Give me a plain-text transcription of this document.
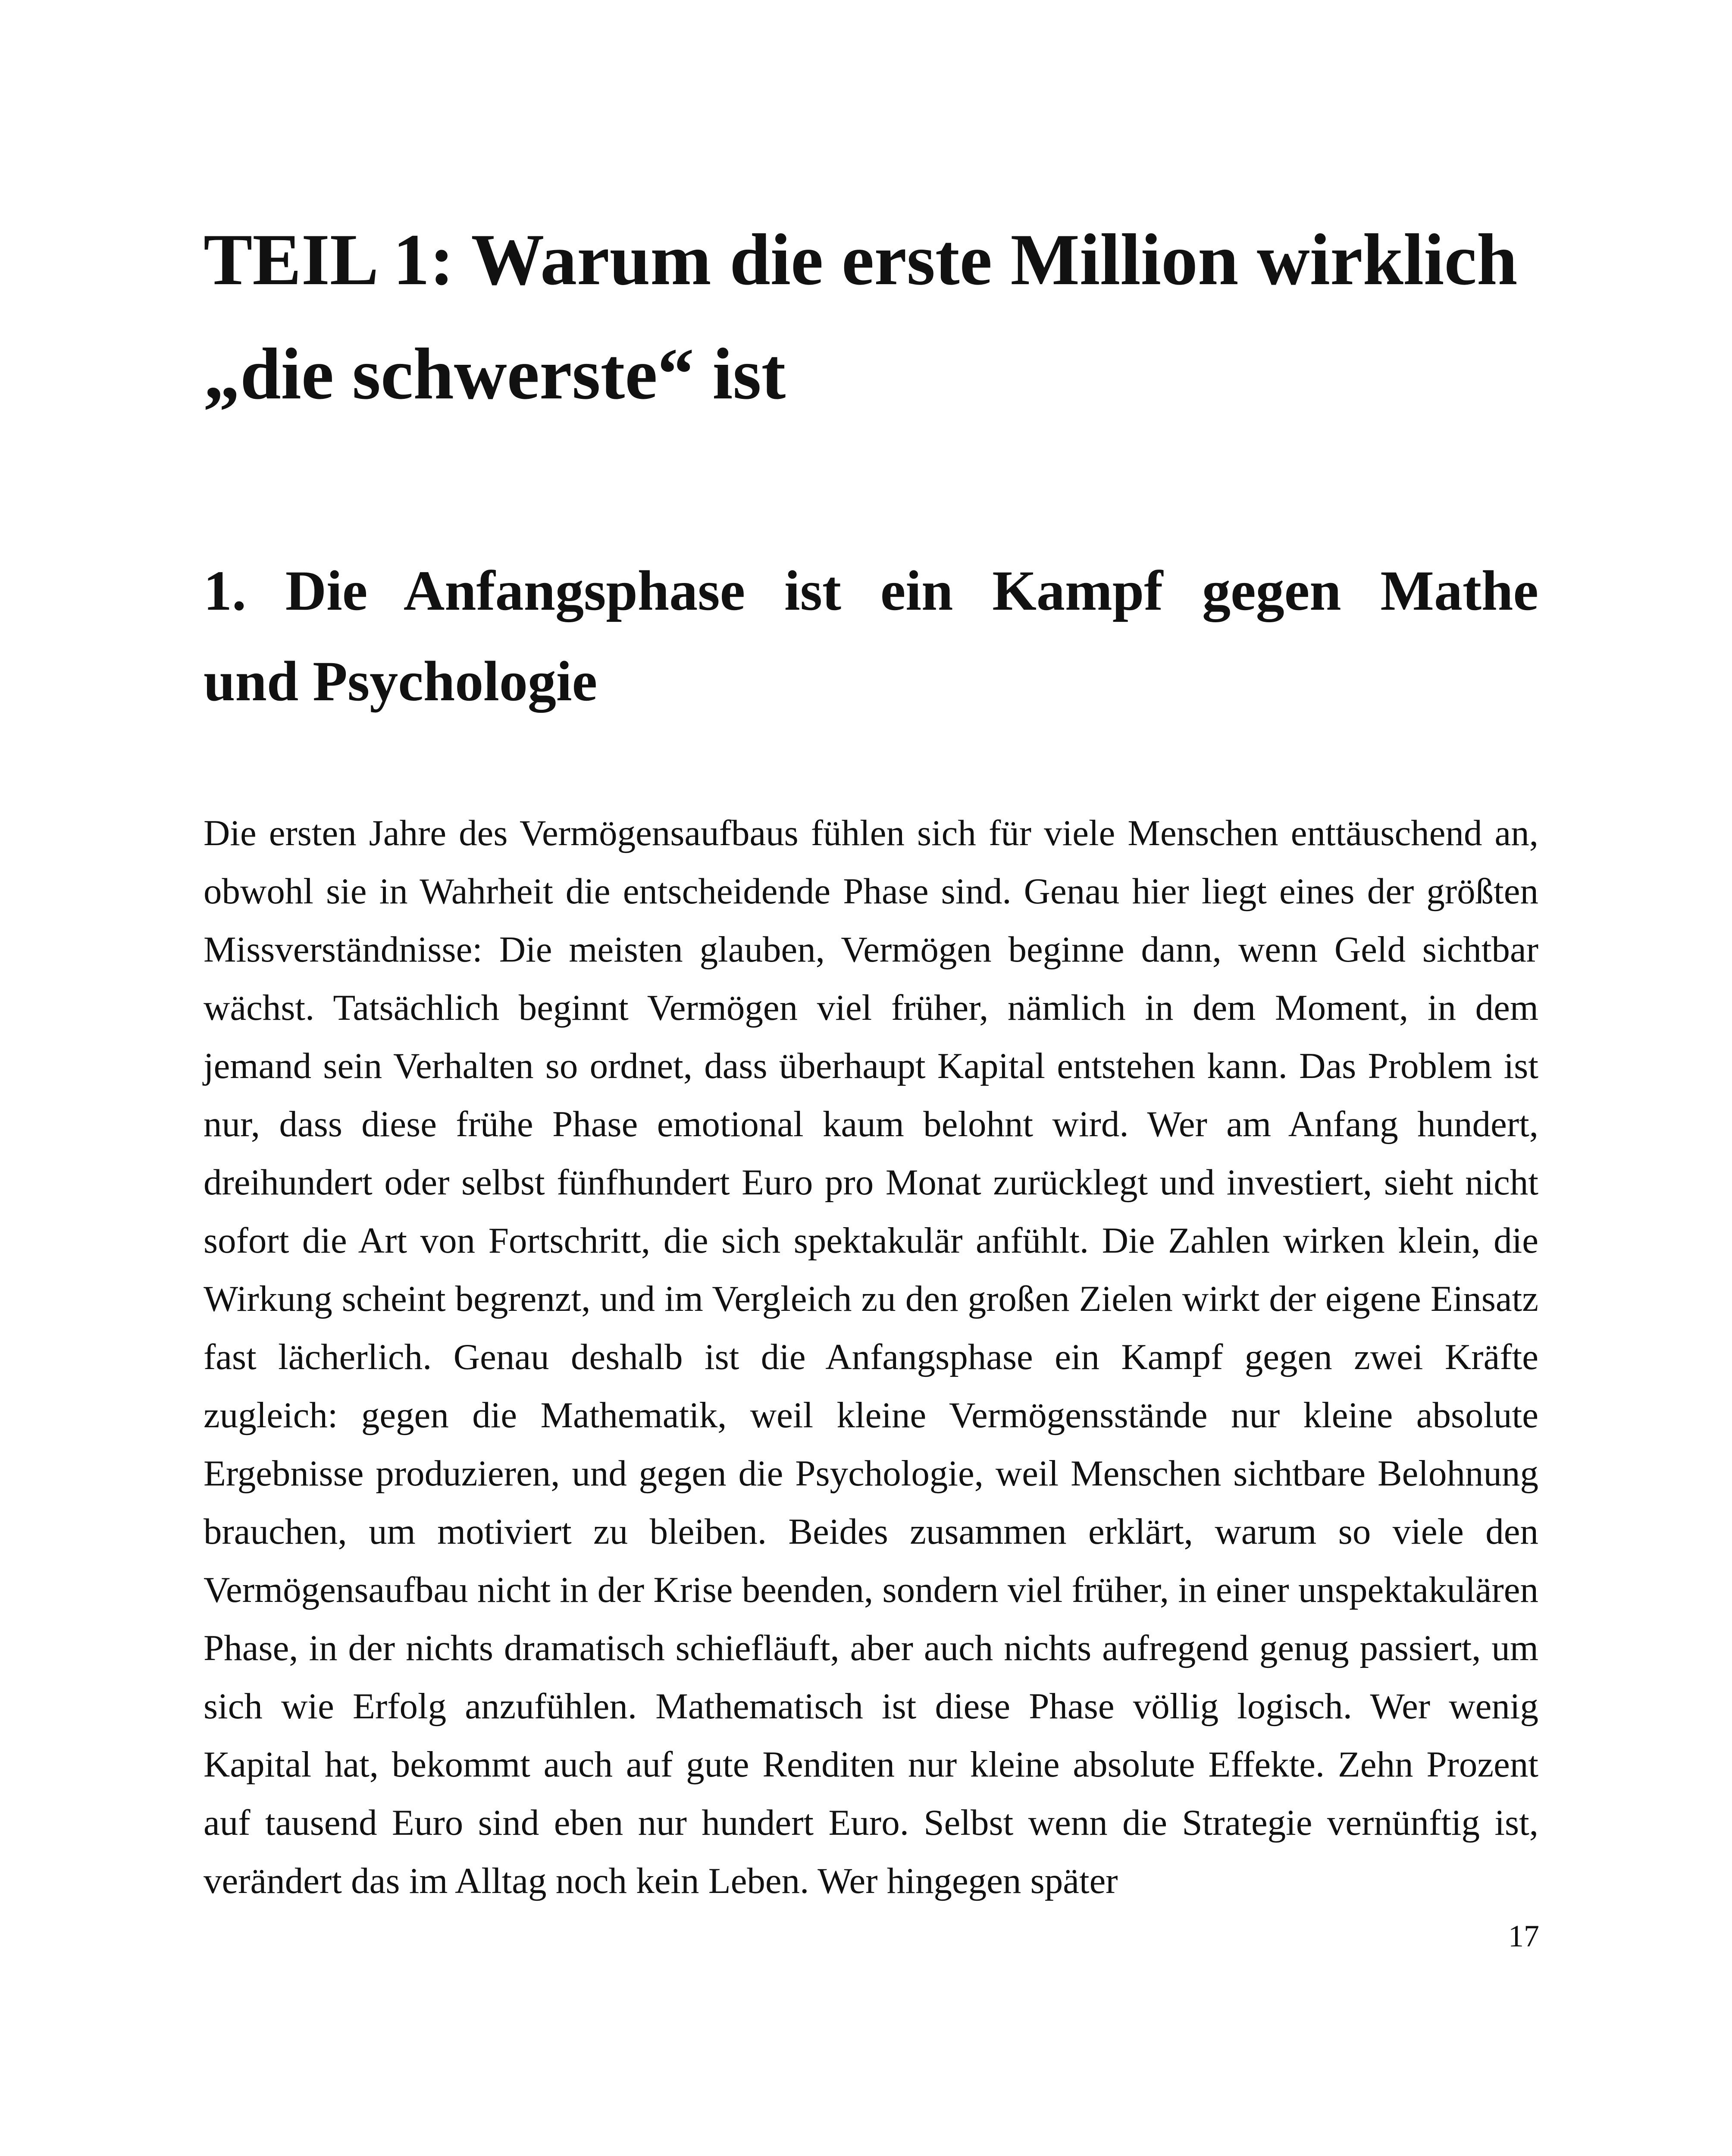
TEIL 1: Warum die erste Million wirklich „die schwerste“ ist
1. Die Anfangsphase ist ein Kampf gegen Mathe
und Psychologie

Die ersten Jahre des Vermögensaufbaus fühlen sich für viele Menschen enttäuschend an, obwohl sie in Wahrheit die entscheidende Phase sind. Genau hier liegt eines der größten Missverständnisse: Die meisten glauben, Vermögen beginne dann, wenn Geld sichtbar wächst. Tatsächlich beginnt Vermögen viel früher, nämlich in dem Moment, in dem jemand sein Verhalten so ordnet, dass überhaupt Kapital entstehen kann. Das Problem ist nur, dass diese frühe Phase emotional kaum belohnt wird. Wer am Anfang hundert, dreihundert oder selbst fünfhundert Euro pro Monat zurücklegt und investiert, sieht nicht sofort die Art von Fortschritt, die sich spektakulär anfühlt. Die Zahlen wirken klein, die Wirkung scheint begrenzt, und im Vergleich zu den großen Zielen wirkt der eigene Einsatz fast lächerlich. Genau deshalb ist die Anfangsphase ein Kampf gegen zwei Kräfte zugleich: gegen die Mathematik, weil kleine Vermögensstände nur kleine absolute Ergebnisse produzieren, und gegen die Psychologie, weil Menschen sichtbare Belohnung brauchen, um motiviert zu bleiben. Beides zusammen erklärt, warum so viele den Vermögensaufbau nicht in der Krise beenden, sondern viel früher, in einer unspektakulären Phase, in der nichts dramatisch schiefläuft, aber auch nichts aufregend genug passiert, um sich wie Erfolg anzufühlen. Mathematisch ist diese Phase völlig logisch. Wer wenig Kapital hat, bekommt auch auf gute Renditen nur kleine absolute Effekte. Zehn Prozent auf tausend Euro sind eben nur hundert Euro. Selbst wenn die Strategie vernünftig ist, verändert das im Alltag noch kein Leben. Wer hingegen später

17
